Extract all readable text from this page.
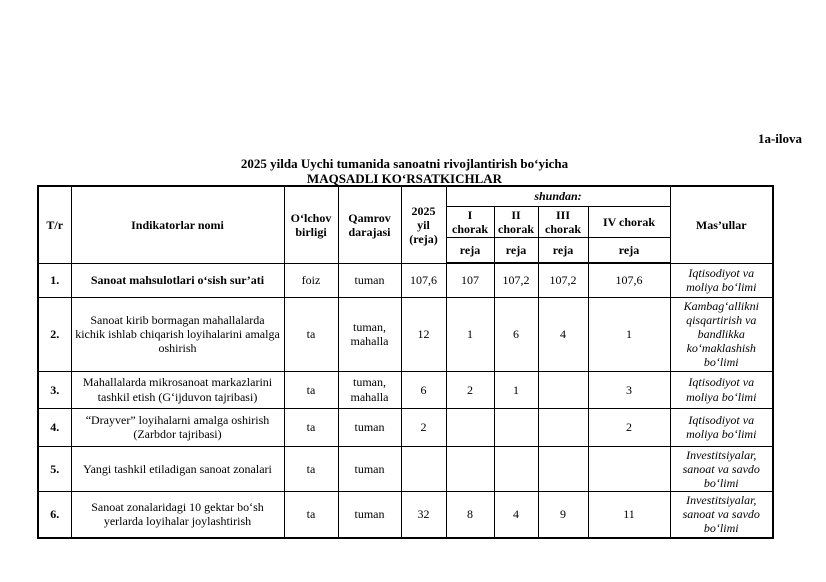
1a-ilova
2025 yilda Uychi tumanida sanoatni rivojlantirish bo‘yicha
MAQSADLI KO‘RSATKICHLAR
T/r	Indikatorlar nomi	O‘lchov birligi	Qamrov darajasi	2025 yil (reja)	shundan:				Mas’ullar
					I chorak	II chorak	III chorak	IV chorak	
					reja	reja	reja	reja	
1.	Sanoat mahsulotlari o‘sish sur’ati	foiz	tuman	107,6	107	107,2	107,2	107,6	Iqtisodiyot va moliya bo‘limi
2.	Sanoat kirib bormagan mahallalarda kichik ishlab chiqarish loyihalarini amalga oshirish	ta	tuman, mahalla	12	1	6	4	1	Kambag‘allikni qisqartirish va bandlikka ko‘maklashish bo‘limi
3.	Mahallalarda mikrosanoat markazlarini tashkil etish (G‘ijduvon tajribasi)	ta	tuman, mahalla	6	2	1		3	Iqtisodiyot va moliya bo‘limi
4.	“Drayver” loyihalarni amalga oshirish (Zarbdor tajribasi)	ta	tuman	2				2	Iqtisodiyot va moliya bo‘limi
5.	Yangi tashkil etiladigan sanoat zonalari	ta	tuman						Investitsiyalar, sanoat va savdo bo‘limi
6.	Sanoat zonalaridagi 10 gektar bo‘sh yerlarda loyihalar joylashtirish	ta	tuman	32	8	4	9	11	Investitsiyalar, sanoat va savdo bo‘limi
